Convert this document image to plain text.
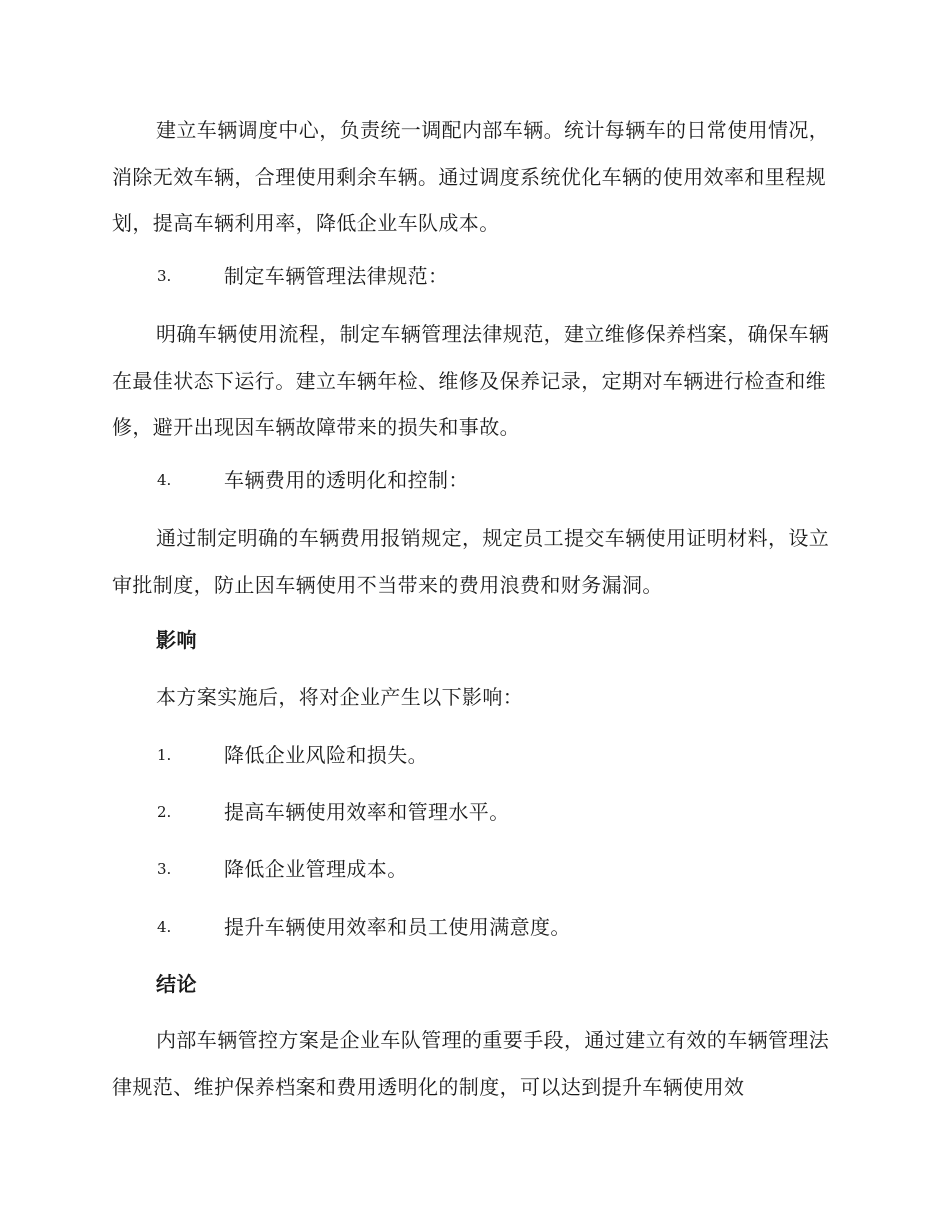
建立车辆调度中心，负责统一调配内部车辆。统计每辆车的日常使用情况，消除无效车辆，合理使用剩余车辆。通过调度系统优化车辆的使用效率和里程规划，提高车辆利用率，降低企业车队成本。

3.	制定车辆管理法律规范：

明确车辆使用流程，制定车辆管理法律规范，建立维修保养档案，确保车辆在最佳状态下运行。建立车辆年检、维修及保养记录，定期对车辆进行检查和维修，避开出现因车辆故障带来的损失和事故。

4.	车辆费用的透明化和控制：

通过制定明确的车辆费用报销规定，规定员工提交车辆使用证明材料，设立审批制度，防止因车辆使用不当带来的费用浪费和财务漏洞。

影响

本方案实施后，将对企业产生以下影响：

1.	降低企业风险和损失。
2.	提高车辆使用效率和管理水平。
3.	降低企业管理成本。
4.	提升车辆使用效率和员工使用满意度。
结论

内部车辆管控方案是企业车队管理的重要手段，通过建立有效的车辆管理法律规范、维护保养档案和费用透明化的制度，可以达到提升车辆使用效
